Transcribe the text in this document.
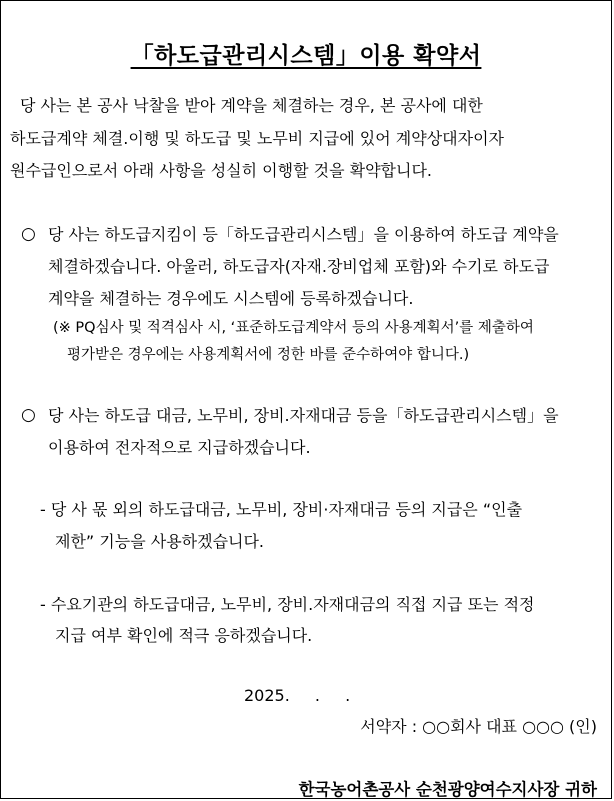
「하도급관리시스템」이용 확약서
당 사는 본 공사 낙찰을 받아 계약을 체결하는 경우, 본 공사에 대한
하도급계약 체결.이행 및 하도급 및 노무비 지급에 있어 계약상대자이자
원수급인으로서 아래 사항을 성실히 이행할 것을 확약합니다.
○ 당 사는 하도급지킴이 등「하도급관리시스템」을 이용하여 하도급 계약을
체결하겠습니다. 아울러, 하도급자(자재.장비업체 포함)와 수기로 하도급
계약을 체결하는 경우에도 시스템에 등록하겠습니다.
(※ PQ심사 및 적격심사 시, ‘표준하도급계약서 등의 사용계획서’를 제출하여
평가받은 경우에는 사용계획서에 정한 바를 준수하여야 합니다.)
○ 당 사는 하도급 대금, 노무비, 장비.자재대금 등을「하도급관리시스템」을
이용하여 전자적으로 지급하겠습니다.
- 당 사 몫 외의 하도급대금, 노무비, 장비·자재대금 등의 지급은 “인출
제한” 기능을 사용하겠습니다.
- 수요기관의 하도급대금, 노무비, 장비.자재대금의 직접 지급 또는 적정
지급 여부 확인에 적극 응하겠습니다.
2025. . .
서약자 : ○○회사 대표 ○○○ (인)
한국농어촌공사 순천광양여수지사장 귀하
